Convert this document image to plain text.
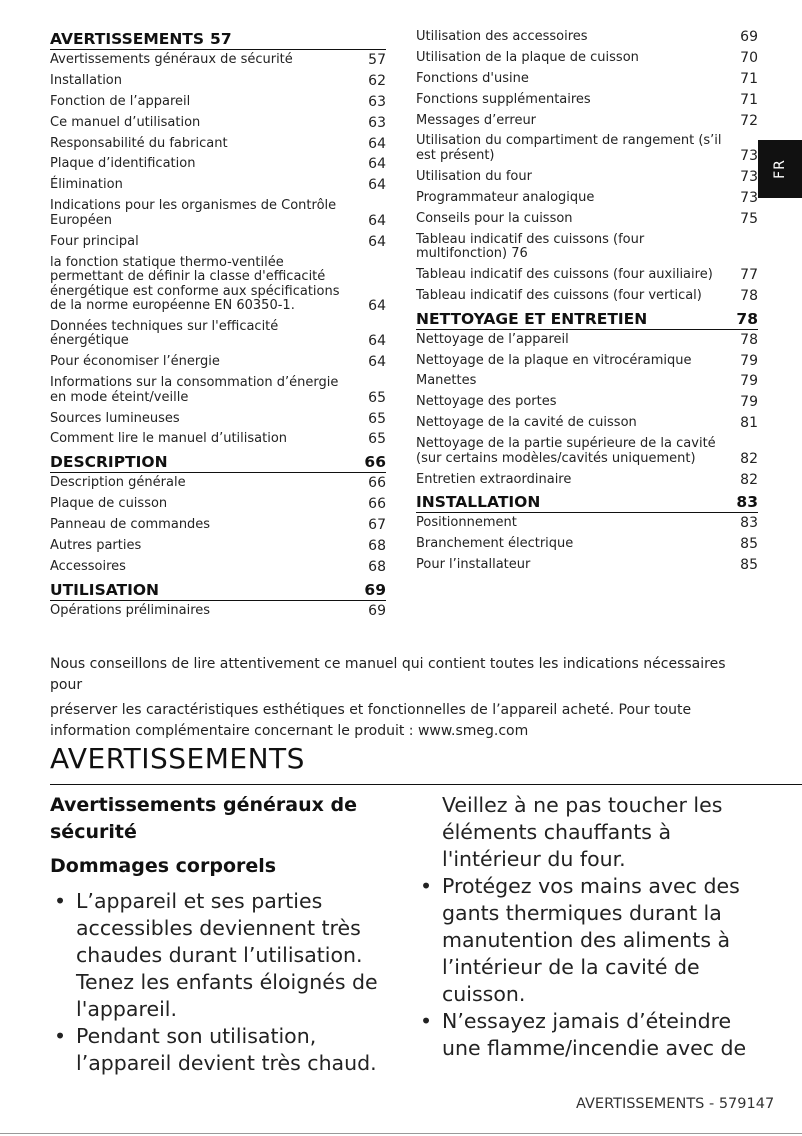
AVERTISSEMENTS 57
Avertissements généraux de sécurité	57
Installation	62
Fonction de l’appareil	63
Ce manuel d’utilisation	63
Responsabilité du fabricant	64
Plaque d’identification	64
Élimination	64
Indications pour les organismes de Contrôle Européen	64
Four principal	64
la fonction statique thermo-ventilée permettant de définir la classe d'efficacité énergétique est conforme aux spécifications de la norme européenne EN 60350-1.	64
Données techniques sur l'efficacité énergétique	64
Pour économiser l’énergie	64
Informations sur la consommation d’énergie en mode éteint/veille	65
Sources lumineuses	65
Comment lire le manuel d’utilisation	65
DESCRIPTION	66
Description générale	66
Plaque de cuisson	66
Panneau de commandes	67
Autres parties	68
Accessoires	68
UTILISATION	69
Opérations préliminaires	69
Utilisation des accessoires	69
Utilisation de la plaque de cuisson	70
Fonctions d'usine	71
Fonctions supplémentaires	71
Messages d’erreur	72
Utilisation du compartiment de rangement (s’il est présent)	73
Utilisation du four	73
Programmateur analogique	73
Conseils pour la cuisson	75
Tableau indicatif des cuissons (four multifonction) 76
Tableau indicatif des cuissons (four auxiliaire)	77
Tableau indicatif des cuissons (four vertical)	78
NETTOYAGE ET ENTRETIEN	78
Nettoyage de l’appareil	78
Nettoyage de la plaque en vitrocéramique	79
Manettes	79
Nettoyage des portes	79
Nettoyage de la cavité de cuisson	81
Nettoyage de la partie supérieure de la cavité (sur certains modèles/cavités uniquement)	82
Entretien extraordinaire	82
INSTALLATION	83
Positionnement	83
Branchement électrique	85
Pour l’installateur	85
FR

Nous conseillons de lire attentivement ce manuel qui contient toutes les indications nécessaires pour

préserver les caractéristiques esthétiques et fonctionnelles de l’appareil acheté. Pour toute information complémentaire concernant le produit : www.smeg.com

AVERTISSEMENTS
Avertissements généraux de sécurité
Dommages corporels
• L’appareil et ses parties accessibles deviennent très chaudes durant l’utilisation. Tenez les enfants éloignés de l'appareil.
• Pendant son utilisation, l’appareil devient très chaud.
Veillez à ne pas toucher les éléments chauffants à l'intérieur du four.
• Protégez vos mains avec des gants thermiques durant la manutention des aliments à l’intérieur de la cavité de cuisson.
• N’essayez jamais d’éteindre une flamme/incendie avec de
AVERTISSEMENTS - 579147
